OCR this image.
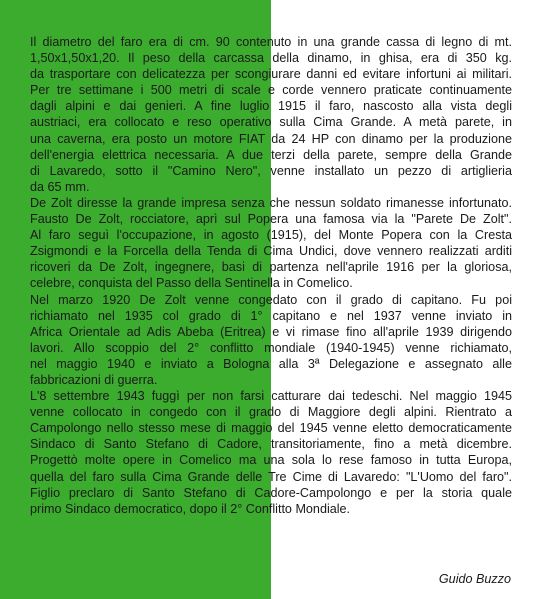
Il diametro del faro era di cm. 90 contenuto in una grande cassa di legno di mt.
1,50x1,50x1,20. Il peso della carcassa della dinamo, in ghisa, era di 350 kg.
da trasportare con delicatezza per scongiurare danni ed evitare infortuni ai militari.
Per tre settimane i 500 metri di scale e corde vennero praticate continuamente
dagli alpini e dai genieri. A fine luglio 1915 il faro, nascosto alla vista degli
austriaci, era collocato e reso operativo sulla Cima Grande. A metà parete, in
una caverna, era posto un motore FIAT da 24 HP con dinamo per la produzione
dell'energia elettrica necessaria. A due terzi della parete, sempre della Grande
di Lavaredo, sotto il "Camino Nero", venne installato un pezzo di artiglieria
da 65 mm.
De Zolt diresse la grande impresa senza che nessun soldato rimanesse infortunato.
Fausto De Zolt, rocciatore, aprì sul Popera una famosa via la "Parete De Zolt".
Al faro seguì l'occupazione, in agosto (1915), del Monte Popera con la Cresta
Zsigmondi e la Forcella della Tenda di Cima Undici, dove vennero realizzati arditi
ricoveri da De Zolt, ingegnere, basi di partenza nell'aprile 1916 per la gloriosa,
celebre, conquista del Passo della Sentinella in Comelico.
Nel marzo 1920 De Zolt venne congedato con il grado di capitano. Fu poi
richiamato nel 1935 col grado di 1° capitano e nel 1937 venne inviato in
Africa Orientale ad Adis Abeba (Eritrea) e vi rimase fino all'aprile 1939 dirigendo
lavori. Allo scoppio del 2° conflitto mondiale (1940-1945) venne richiamato,
nel maggio 1940 e inviato a Bologna alla 3ª Delegazione e assegnato alle
fabbricazioni di guerra.
L'8 settembre 1943 fuggì per non farsi catturare dai tedeschi. Nel maggio 1945
venne collocato in congedo con il grado di Maggiore degli alpini. Rientrato a
Campolongo nello stesso mese di maggio del 1945 venne eletto democraticamente
Sindaco di Santo Stefano di Cadore, transitoriamente, fino a metà dicembre.
Progettò molte opere in Comelico ma una sola lo rese famoso in tutta Europa,
quella del faro sulla Cima Grande delle Tre Cime di Lavaredo: "L'Uomo del faro".
Figlio preclaro di Santo Stefano di Cadore-Campolongo e per la storia quale
primo Sindaco democratico, dopo il 2° Conflitto Mondiale.
Guido Buzzo
